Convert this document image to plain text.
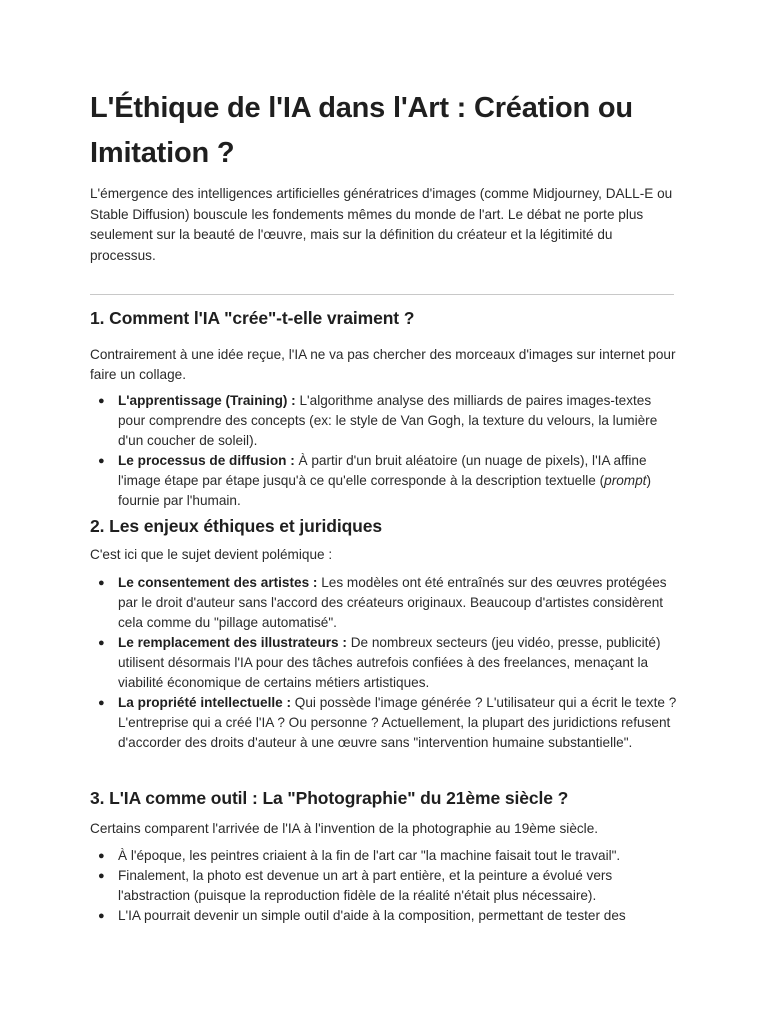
L'Éthique de l'IA dans l'Art : Création ou Imitation ?

L'émergence des intelligences artificielles génératrices d'images (comme Midjourney, DALL-E ou Stable Diffusion) bouscule les fondements mêmes du monde de l'art. Le débat ne porte plus seulement sur la beauté de l'œuvre, mais sur la définition du créateur et la légitimité du processus.

1. Comment l'IA "crée"-t-elle vraiment ?

Contrairement à une idée reçue, l'IA ne va pas chercher des morceaux d'images sur internet pour faire un collage.

● L'apprentissage (Training) : L'algorithme analyse des milliards de paires images-textes pour comprendre des concepts (ex: le style de Van Gogh, la texture du velours, la lumière d'un coucher de soleil).
● Le processus de diffusion : À partir d'un bruit aléatoire (un nuage de pixels), l'IA affine l'image étape par étape jusqu'à ce qu'elle corresponde à la description textuelle (prompt) fournie par l'humain.
2. Les enjeux éthiques et juridiques

C'est ici que le sujet devient polémique :

● Le consentement des artistes : Les modèles ont été entraînés sur des œuvres protégées par le droit d'auteur sans l'accord des créateurs originaux. Beaucoup d'artistes considèrent cela comme du "pillage automatisé".
● Le remplacement des illustrateurs : De nombreux secteurs (jeu vidéo, presse, publicité) utilisent désormais l'IA pour des tâches autrefois confiées à des freelances, menaçant la viabilité économique de certains métiers artistiques.
● La propriété intellectuelle : Qui possède l'image générée ? L'utilisateur qui a écrit le texte ? L'entreprise qui a créé l'IA ? Ou personne ? Actuellement, la plupart des juridictions refusent d'accorder des droits d'auteur à une œuvre sans "intervention humaine substantielle".
3. L'IA comme outil : La "Photographie" du 21ème siècle ?

Certains comparent l'arrivée de l'IA à l'invention de la photographie au 19ème siècle.

● À l'époque, les peintres criaient à la fin de l'art car "la machine faisait tout le travail".
● Finalement, la photo est devenue un art à part entière, et la peinture a évolué vers l'abstraction (puisque la reproduction fidèle de la réalité n'était plus nécessaire).
● L'IA pourrait devenir un simple outil d'aide à la composition, permettant de tester des
